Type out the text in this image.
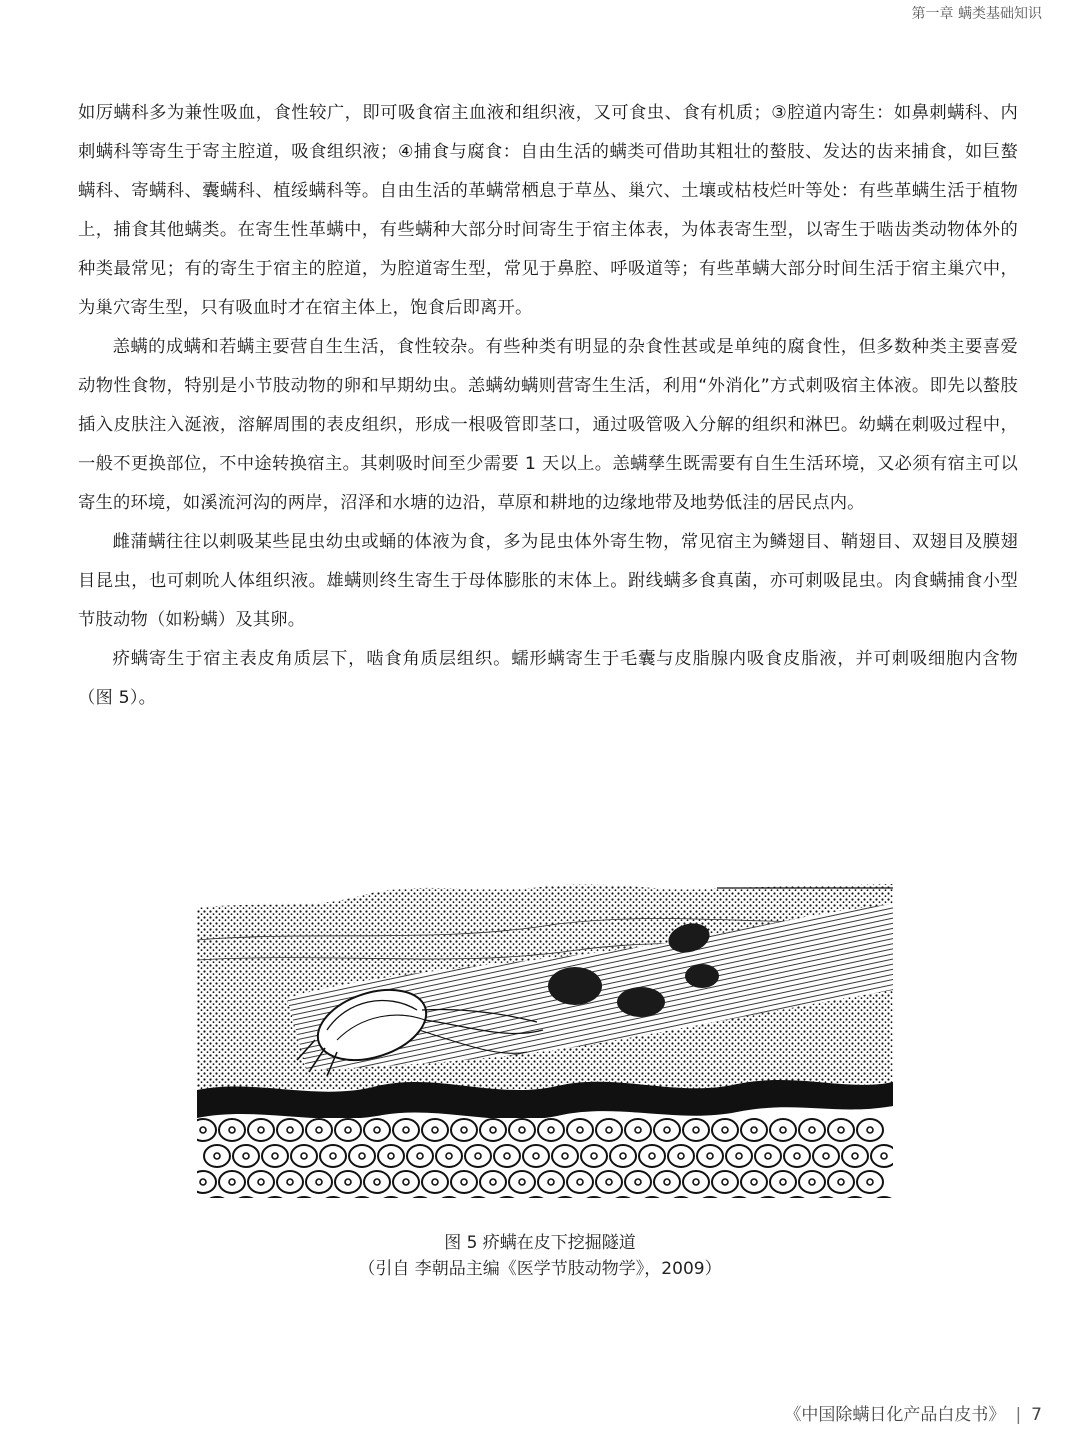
第一章 螨类基础知识

如厉螨科多为兼性吸血，食性较广，即可吸食宿主血液和组织液，又可食虫、食有机质；③腔道内寄生：如鼻刺螨科、内刺螨科等寄生于寄主腔道，吸食组织液；④捕食与腐食：自由生活的螨类可借助其粗壮的螯肢、发达的齿来捕食，如巨螯螨科、寄螨科、囊螨科、植绥螨科等。自由生活的革螨常栖息于草丛、巢穴、土壤或枯枝烂叶等处：有些革螨生活于植物上，捕食其他螨类。在寄生性革螨中，有些螨种大部分时间寄生于宿主体表，为体表寄生型，以寄生于啮齿类动物体外的种类最常见；有的寄生于宿主的腔道，为腔道寄生型，常见于鼻腔、呼吸道等；有些革螨大部分时间生活于宿主巢穴中，为巢穴寄生型，只有吸血时才在宿主体上，饱食后即离开。

恙螨的成螨和若螨主要营自生生活，食性较杂。有些种类有明显的杂食性甚或是单纯的腐食性，但多数种类主要喜爱动物性食物，特别是小节肢动物的卵和早期幼虫。恙螨幼螨则营寄生生活，利用“外消化”方式刺吸宿主体液。即先以螯肢插入皮肤注入涎液，溶解周围的表皮组织，形成一根吸管即茎口，通过吸管吸入分解的组织和淋巴。幼螨在刺吸过程中，一般不更换部位，不中途转换宿主。其刺吸时间至少需要 1 天以上。恙螨孳生既需要有自生生活环境，又必须有宿主可以寄生的环境，如溪流河沟的两岸，沼泽和水塘的边沿，草原和耕地的边缘地带及地势低洼的居民点内。

雌蒲螨往往以刺吸某些昆虫幼虫或蛹的体液为食，多为昆虫体外寄生物，常见宿主为鳞翅目、鞘翅目、双翅目及膜翅目昆虫，也可刺吮人体组织液。雄螨则终生寄生于母体膨胀的末体上。跗线螨多食真菌，亦可刺吸昆虫。肉食螨捕食小型节肢动物（如粉螨）及其卵。

疥螨寄生于宿主表皮角质层下，啮食角质层组织。蠕形螨寄生于毛囊与皮脂腺内吸食皮脂液，并可刺吸细胞内含物（图 5）。

图 5 疥螨在皮下挖掘隧道
（引自 李朝品主编《医学节肢动物学》，2009）
《中国除螨日化产品白皮书》 | 7
